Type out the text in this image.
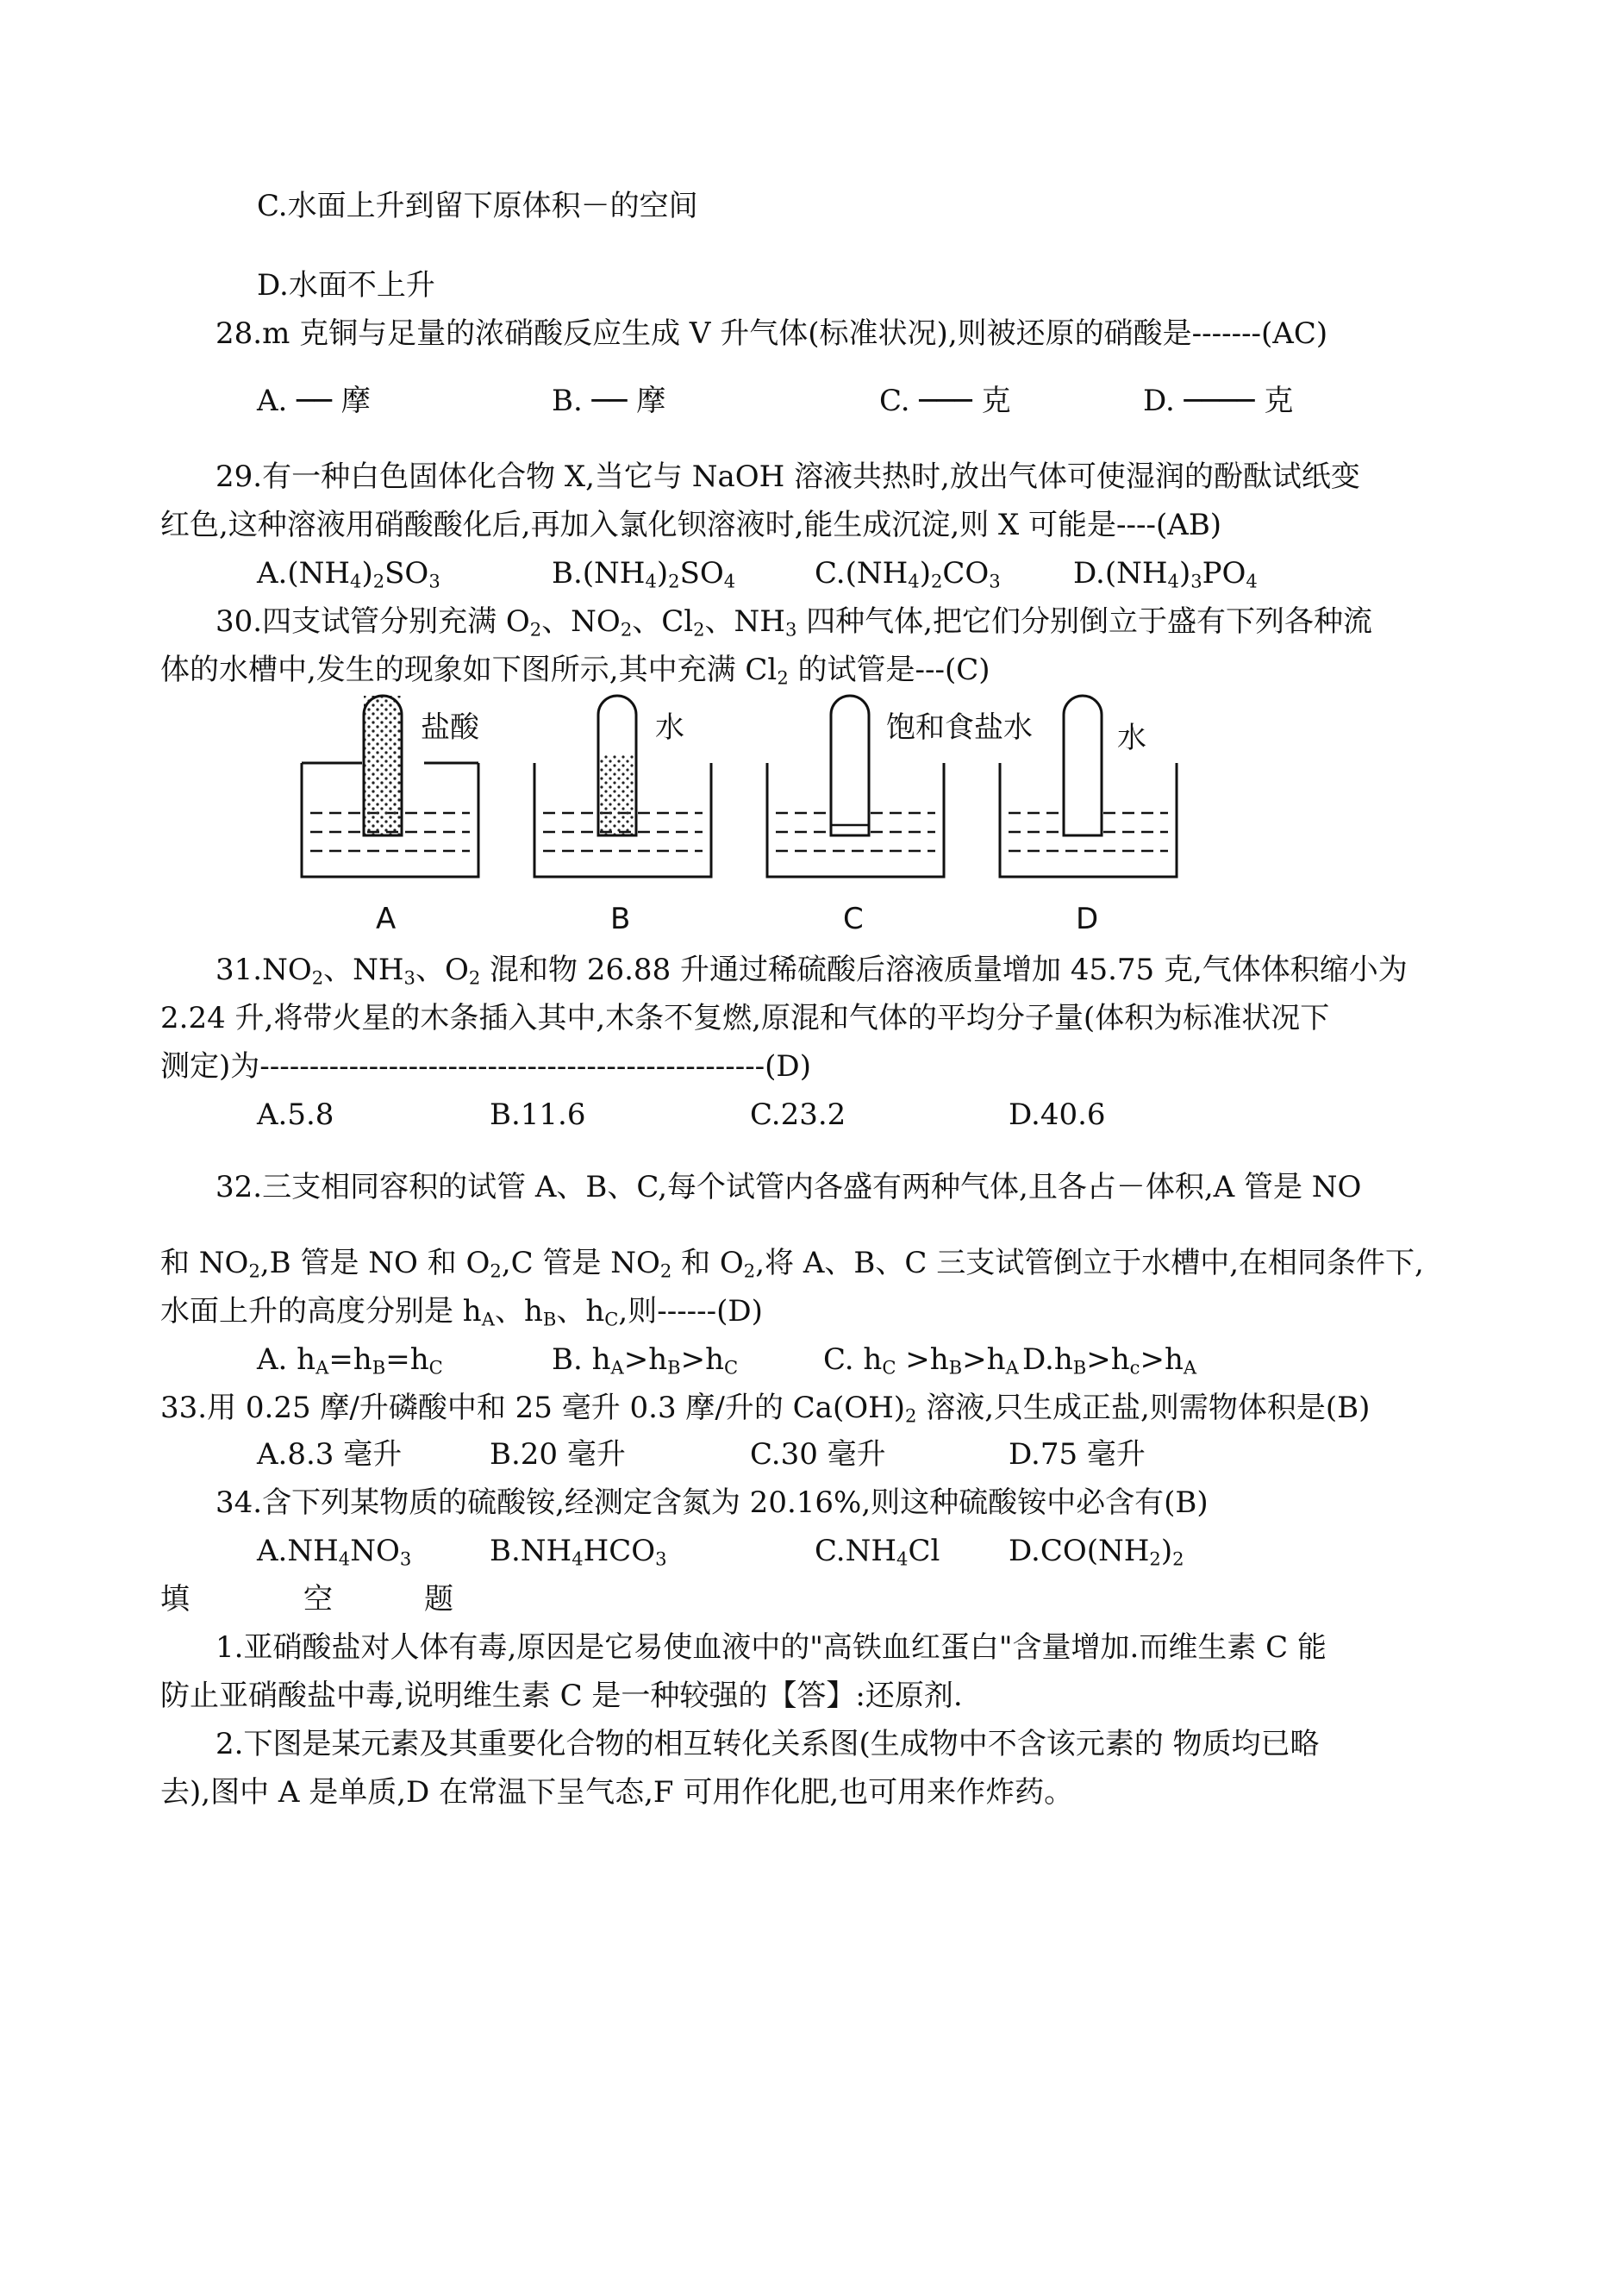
C.水面上升到留下原体积－的空间
D.水面不上升
28.m 克铜与足量的浓硝酸反应生成 V 升气体(标准状况),则被还原的硝酸是-------(AC)
A. ── 摩	B. ── 摩	C. ─── 克	D. ──── 克
29.有一种白色固体化合物 X,当它与 NaOH 溶液共热时,放出气体可使湿润的酚酞试纸变
红色,这种溶液用硝酸酸化后,再加入氯化钡溶液时,能生成沉淀,则 X 可能是----(AB)
$A.(NH_4)_2SO_3$	$B.(NH_4)_2SO_4$	$C.(NH_4)_2CO_3$ $D.(NH_4)_3PO_4$
30.四支试管分别充满 $O_2$、$NO_2$、$Cl_2$、$NH_3$ 四种气体,把它们分别倒立于盛有下列各种流
体的水槽中,发生的现象如下图所示,其中充满 $Cl_2$ 的试管是---(C)
盐酸
A
水
B
饱和食盐水
C
水
D
$31.NO_2$、$NH_3$、$O_2$ 混和物 26.88 升通过稀硫酸后溶液质量增加 45.75 克,气体体积缩小为
2.24 升,将带火星的木条插入其中,木条不复燃,原混和气体的平均分子量(体积为标准状况下
测定)为---------------------------------------------------(D)
A.5.8	B.11.6	C.23.2	D.40.6
32.三支相同容积的试管 A、B、C,每个试管内各盛有两种气体,且各占－体积,A 管是 NO
和 $NO_2,B$ 管是 NO 和 $O_2,C$ 管是 $NO_2$ 和 $O_2$,将 A、B、C 三支试管倒立于水槽中,在相同条件下,
水面上升的高度分别是 $h_A$、$h_B$、$h_C$,则------(D)
A. $h_A=h_B=h_C$	B. $h_A>h_B>h_C$	C. $h_C >h_B>h_A$ $D.h_B>h_c>h_A$
33.用 0.25 摩/升磷酸中和 25 毫升 0.3 摩/升的 $Ca(OH)_2$ 溶液,只生成正盐,则需物体积是(B)
A.8.3 毫升	B.20 毫升	C.30 毫升	D.75 毫升
34.含下列某物质的硫酸铵,经测定含氮为 20.16%,则这种硫酸铵中必含有(B)
$A.NH_4NO_3$	$B.NH_4HCO_3$	$C.NH_4Cl$ $D.CO(NH_2)_2$
填	空	题
1.亚硝酸盐对人体有毒,原因是它易使血液中的"高铁血红蛋白"含量增加.而维生素 C 能
防止亚硝酸盐中毒,说明维生素 C 是一种较强的【答】:还原剂.
2.下图是某元素及其重要化合物的相互转化关系图(生成物中不含该元素的 物质均已略
去),图中 A 是单质,D 在常温下呈气态,F 可用作化肥,也可用来作炸药。
